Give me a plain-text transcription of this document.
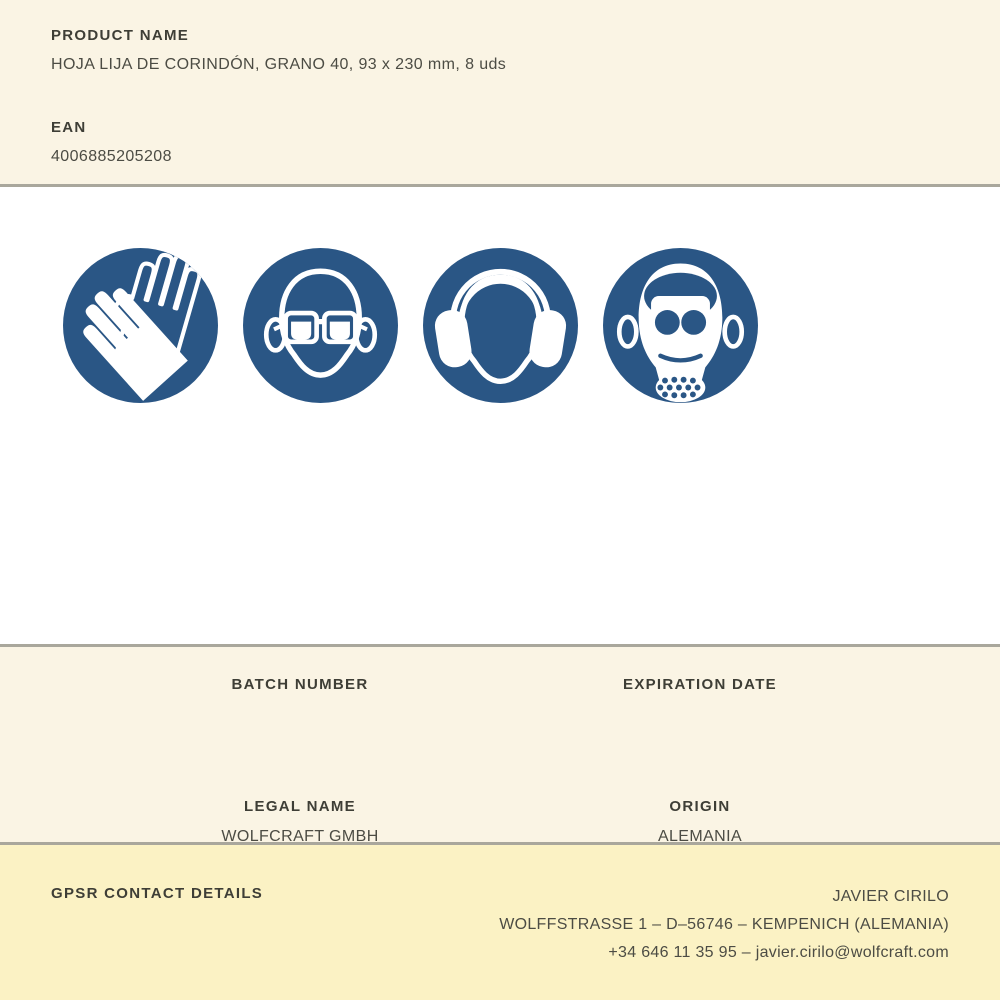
PRODUCT NAME
HOJA LIJA DE CORINDÓN, GRANO 40, 93 x 230 mm, 8 uds
EAN
4006885205208
BATCH NUMBER	EXPIRATION DATE
LEGAL NAME
WOLFCRAFT GMBH
ORIGIN
ALEMANIA
GPSR CONTACT DETAILS	JAVIER CIRILO
WOLFFSTRASSE 1 – D–56746 – KEMPENICH (ALEMANIA)
+34 646 11 35 95 – javier.cirilo@wolfcraft.com
